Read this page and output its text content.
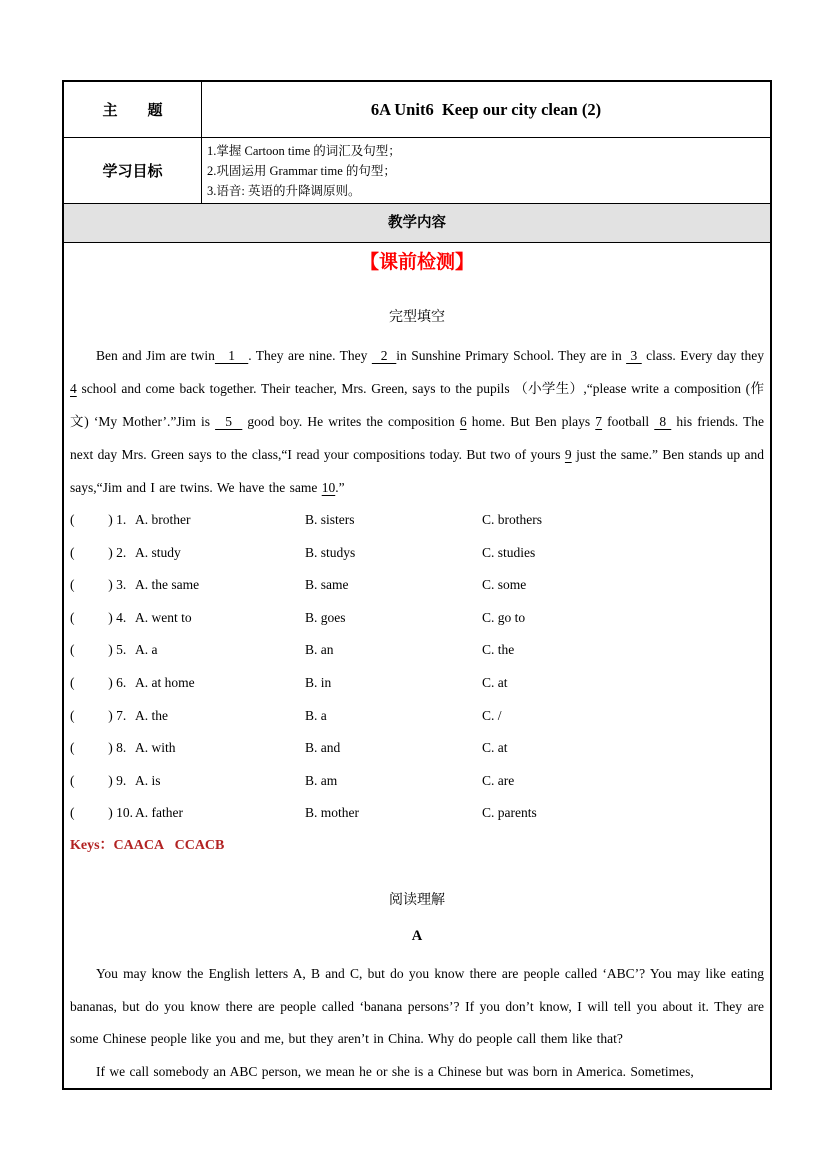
主　　题	6A Unit6  Keep our city clean (2)
学习目标
1.掌握 Cartoon time 的词汇及句型；
2.巩固运用 Grammar time 的句型；
3.语音: 英语的升降调原则。
教学内容
【课前检测】
完型填空

Ben and Jim are twin   1   . They are nine. They   2  in Sunshine Primary School. They are in  3  class. Every day they 4 school and come back together. Their teacher, Mrs. Green, says to the pupils （小学生）,“please write a composition (作文) ‘My Mother’.”Jim is   5   good boy. He writes the composition 6 home. But Ben plays 7 football  8  his friends. The next day Mrs. Green says to the class,“I read your compositions today. But two of yours 9 just the same.” Ben stands up and says,“Jim and I are twins. We have the same 10.”

(          ) 1. A. brother	B. sisters	C. brothers
(          ) 2. A. study	B. studys	C. studies
(          ) 3. A. the same	B. same	C. some
(          ) 4. A. went to	B. goes	C. go to
(          ) 5. A. a	B. an	C. the
(          ) 6. A. at home	B. in	C. at
(          ) 7. A. the	B. a	C. /
(          ) 8. A. with	B. and	C. at
(          ) 9. A. is	B. am	C. are
(          ) 10. A. father	B. mother	C. parents
Keys：CAACA   CCACB
阅读理解
A

You may know the English letters A, B and C, but do you know there are people called ‘ABC’? You may like eating bananas, but do you know there are people called ‘banana persons’? If you don’t know, I will tell you about it. They are some Chinese people like you and me, but they aren’t in China. Why do people call them like that?

If we call somebody an ABC person, we mean he or she is a Chinese but was born in America. Sometimes,
